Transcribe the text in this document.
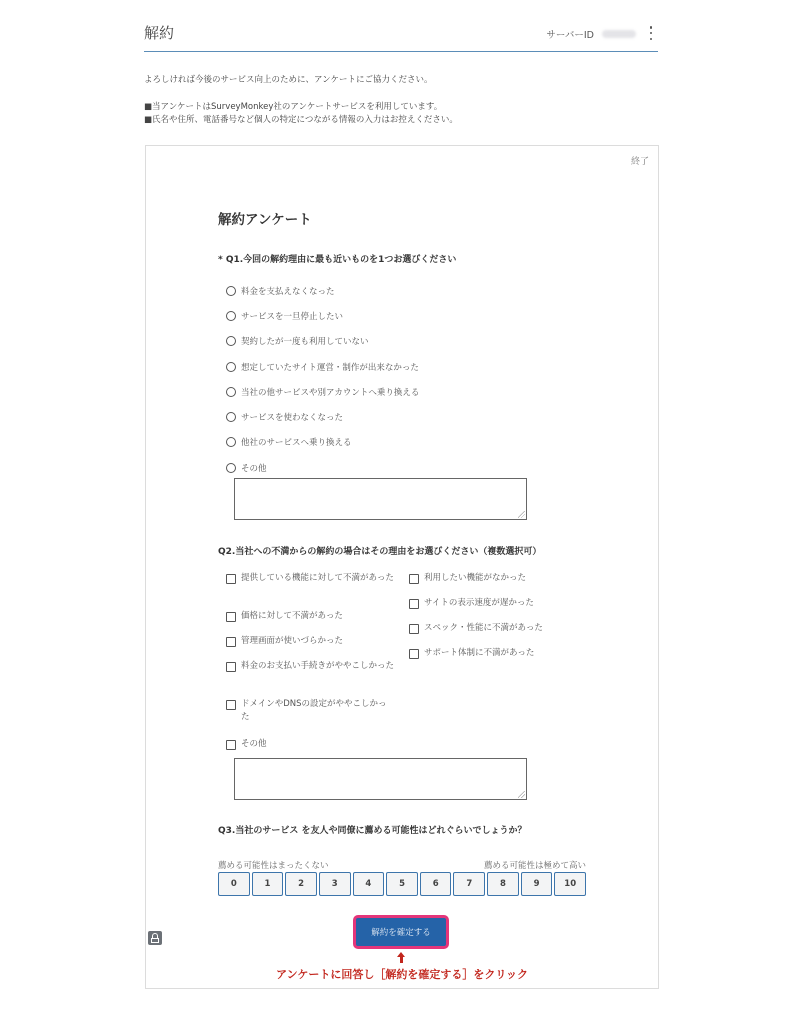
解約	サーバーID

よろしければ今後のサービス向上のために、アンケートにご協力ください。

■当アンケートはSurveyMonkey社のアンケートサービスを利用しています。

■氏名や住所、電話番号など個人の特定につながる情報の入力はお控えください。

終了
解約アンケート
* Q1.今回の解約理由に最も近いものを1つお選びください
料金を支払えなくなった
サービスを一旦停止したい
契約したが一度も利用していない
想定していたサイト運営・制作が出来なかった
当社の他サービスや別アカウントへ乗り換える
サービスを使わなくなった
他社のサービスへ乗り換える
その他
Q2.当社への不満からの解約の場合はその理由をお選びください（複数選択可）
提供している機能に対して不満があった
価格に対して不満があった
管理画面が使いづらかった
料金のお支払い手続きがややこしかった
ドメインやDNSの設定がややこしかった
その他
利用したい機能がなかった
サイトの表示速度が遅かった
スペック・性能に不満があった
サポート体制に不満があった
Q3.当社のサービス を友人や同僚に薦める可能性はどれぐらいでしょうか？
薦める可能性はまったくない	薦める可能性は極めて高い
0	1	2	3	4	5	6	7	8	9	10
解約を確定する
アンケートに回答し［解約を確定する］をクリック
